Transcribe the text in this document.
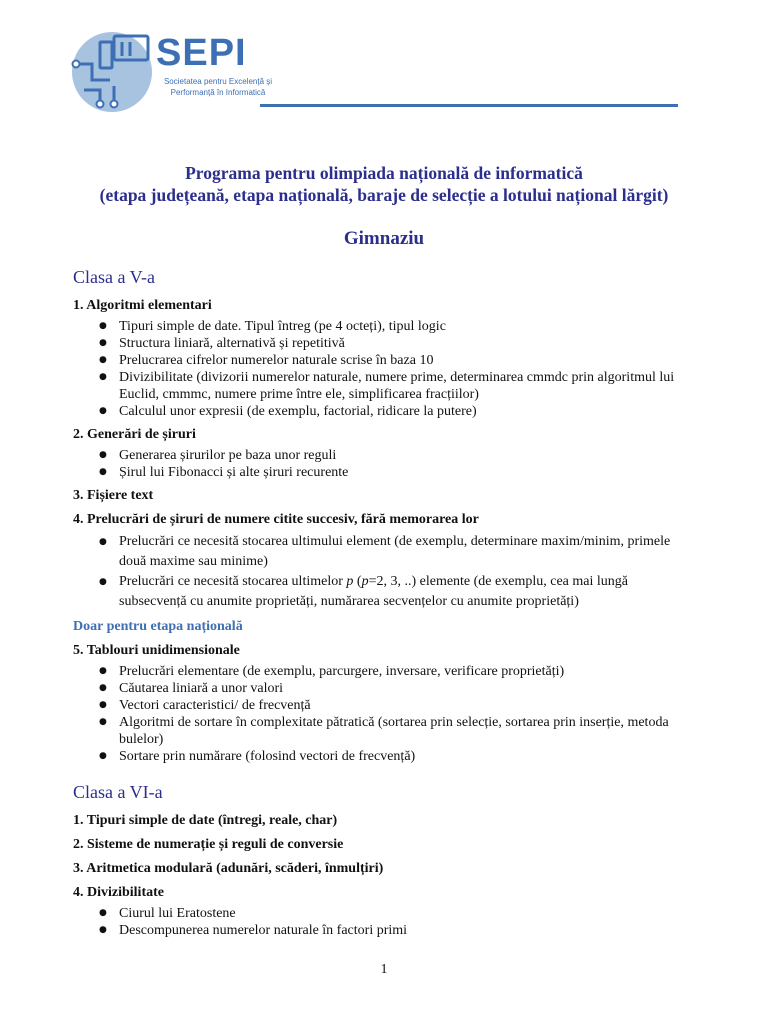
SEPI
Societatea pentru Excelență și
Performanță în Informatică
Programa pentru olimpiada națională de informatică
(etapa județeană, etapa națională, baraje de selecție a lotului național lărgit)
Gimnaziu
Clasa a V-a

1. Algoritmi elementari

● Tipuri simple de date. Tipul întreg (pe 4 octeți), tipul logic
● Structura liniară, alternativă și repetitivă
● Prelucrarea cifrelor numerelor naturale scrise în baza 10
● Divizibilitate (divizorii numerelor naturale, numere prime, determinarea cmmdc prin algoritmul lui Euclid, cmmmc, numere prime între ele, simplificarea fracțiilor)
● Calculul unor expresii (de exemplu, factorial, ridicare la putere)

2. Generări de șiruri

● Generarea șirurilor pe baza unor reguli
● Șirul lui Fibonacci și alte șiruri recurente

3. Fișiere text

4. Prelucrări de șiruri de numere citite succesiv, fără memorarea lor

● Prelucrări ce necesită stocarea ultimului element (de exemplu, determinare maxim/minim, primele două maxime sau minime)
● Prelucrări ce necesită stocarea ultimelor p (p=2, 3, ..) elemente (de exemplu, cea mai lungă subsecvență cu anumite proprietăți, numărarea secvențelor cu anumite proprietăți)

Doar pentru etapa națională

5. Tablouri unidimensionale

● Prelucrări elementare (de exemplu, parcurgere, inversare, verificare proprietăți)
● Căutarea liniară a unor valori
● Vectori caracteristici/ de frecvență
● Algoritmi de sortare în complexitate pătratică (sortarea prin selecție, sortarea prin inserție, metoda bulelor)
● Sortare prin numărare (folosind vectori de frecvență)
Clasa a VI-a

1. Tipuri simple de date (întregi, reale, char)

2. Sisteme de numerație și reguli de conversie

3. Aritmetica modulară (adunări, scăderi, înmulțiri)

4. Divizibilitate

● Ciurul lui Eratostene
● Descompunerea numerelor naturale în factori primi
1
